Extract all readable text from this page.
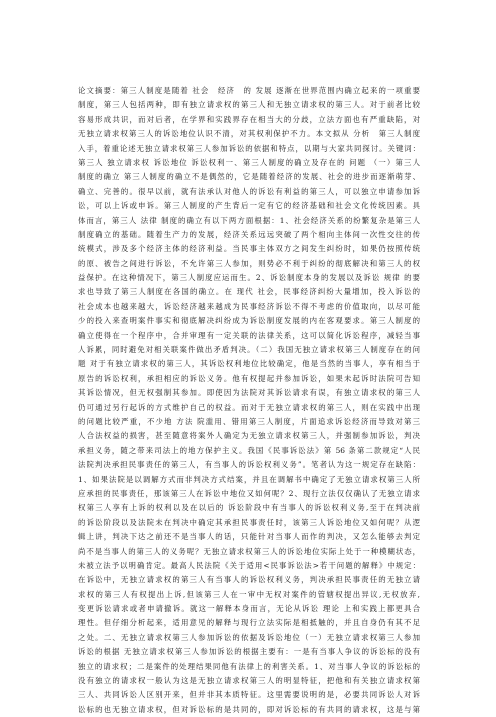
论文摘要：第三人制度是随着 社会　经济　的 发展 逐渐在世界范围内确立起来的一项重要
制度，第三人包括两种，即有独立请求权的第三人和无独立请求权的第三人。对于前者比较
容易形成共识，而对后者，在学界和实践界存在相当大的分歧，立法方面也有严重缺陷，对
无独立请求权第三人的诉讼地位认识不清，对其权利保护不力。本文拟从 分析　第三人制度
入手，着重论述无独立请求权第三人参加诉讼的依据和特点，以期与大家共同探讨。关键词：
第三人 独立请求权 诉讼地位 诉讼权利一、第三人制度的确立及存在的 问题 （一）第三人
制度的确立 第三人制度的确立不是偶然的，它是随着经济的发展、社会的进步而逐渐萌芽、
确立、完善的。很早以前，就有法承认对他人的诉讼有利益的第三人，可以独立申请参加诉
讼，可以上诉或申诉。第三人制度的产生背后一定有它的经济基础和社会文化传统因素。具
体而言，第三人 法律 制度的确立有以下两方面根据：1、社会经济关系的纷繁复杂是第三人
制度确立的基础。随着生产力的发展，经济关系远远突破了两个相向主体间一次性交往的传
统模式，涉及多个经济主体的经济利益。当民事主体双方之间发生纠纷时，如果仍按照传统
的原、被告之间进行诉讼，不允许第三人参加，则势必不利于纠纷的彻底解决和第三人的权
益保护。在这种情况下，第三人制度应运而生。2、诉讼制度本身的发展以及诉讼 规律 的要
求也导致了第三人制度在各国的确立。在 现代 社会，民事经济纠纷大量增加，投入诉讼的
社会成本也越来越大，诉讼经济越来越成为民事经济诉讼不得不考虑的价值取向，以尽可能
少的投入来查明案件事实和彻底解决纠纷成为诉讼制度发展的内在客观要求。第三人制度的
确立使得在一个程序中，合并审理有一定关联的法律关系，这可以简化诉讼程序，减轻当事
人诉累，同时避免对相关联案件做出矛盾判决。（二）我国无独立请求权第三人制度存在的问
题 对于有独立请求权的第三人，其诉讼权利地位比较确定，他是当然的当事人，享有相当于
原告的诉讼权利，承担相应的诉讼义务。他有权提起并参加诉讼，如果未起诉时法院可告知
其诉讼情况，但无权强制其参加。即使因为法院对其诉讼请求有误，有独立请求权的第三人
仍可通过另行起诉的方式维护自己的权益。而对于无独立请求权的第三人，则在实践中出现
的问题比较严重，不少地 方法 院滥用、错用第三人制度，片面追求诉讼经济而导致对第三
人合法权益的损害，甚至随意将案外人确定为无独立请求权第三人，并强制参加诉讼，判决
承担义务，随之带来司法上的地方保护主义。我国《民事诉讼法》第 56 条第二款规定“人民
法院判决承担民事责任的第三人，有当事人的诉讼权利义务”。笔者认为这一规定存在缺陷：
1、如果法院是以调解方式而非判决方式结案，并且在调解书中确定了无独立请求权第三人所
应承担的民事责任，那该第三人在诉讼中地位又如何呢？2、现行立法仅仅确认了无独立请求
权第三人享有上诉的权利以及在以后的 诉讼阶段中有当事人的诉讼权利义务,至于在判决前
的诉讼阶段以及法院未在判决中确定其承担民事责任时，该第三人诉讼地位又如何呢？从逻
辑上讲，判决下达之前还不是当事人的话，只能针对当事人而作的判决，又怎么能够去判定
尚不是当事人的第三人的义务呢？无独立请求权第三人的诉讼地位实际上处于一种模糊状态，
未被立法予以明确肯定。最高人民法院《关于适用<民事诉讼法>若干问题的解释》中规定：
在诉讼中，无独立请求权的第三人有当事人的诉讼权利义务，判决承担民事责任的无独立请
求权的第三人有权提出上诉,但该第三人在一审中无权对案件的管辖权提出异议,无权放弃,
变更诉讼请求或者申请撤诉。就这一解释本身而言，无论从诉讼 理论 上和实践上都更具合
理性。但仔细分析起来，适用意见的解释与现行立法实际是相抵触的，并且自身仍有其不足
之处。二、无独立请求权第三人参加诉讼的依据及诉讼地位（一）无独立请求权第三人参加
诉讼的根据 无独立请求权第三人参加诉讼的根据主要有：一是有当事人争议的诉讼标的没有
独立的请求权；二是案件的处理结果同他有法律上的利害关系。1、对当事人争议的诉讼标的
没有独立的请求权一般认为这是无独立请求权第三人的明显特征，把他和有关独立请求权第
三人、共同诉讼人区别开来，但并非其本质特征。这里需要说明的是，必要共同诉讼人对诉
讼标的也无独立请求权，但对诉讼标的是共同的，即对诉讼标的有共同的请求权，这是与第
